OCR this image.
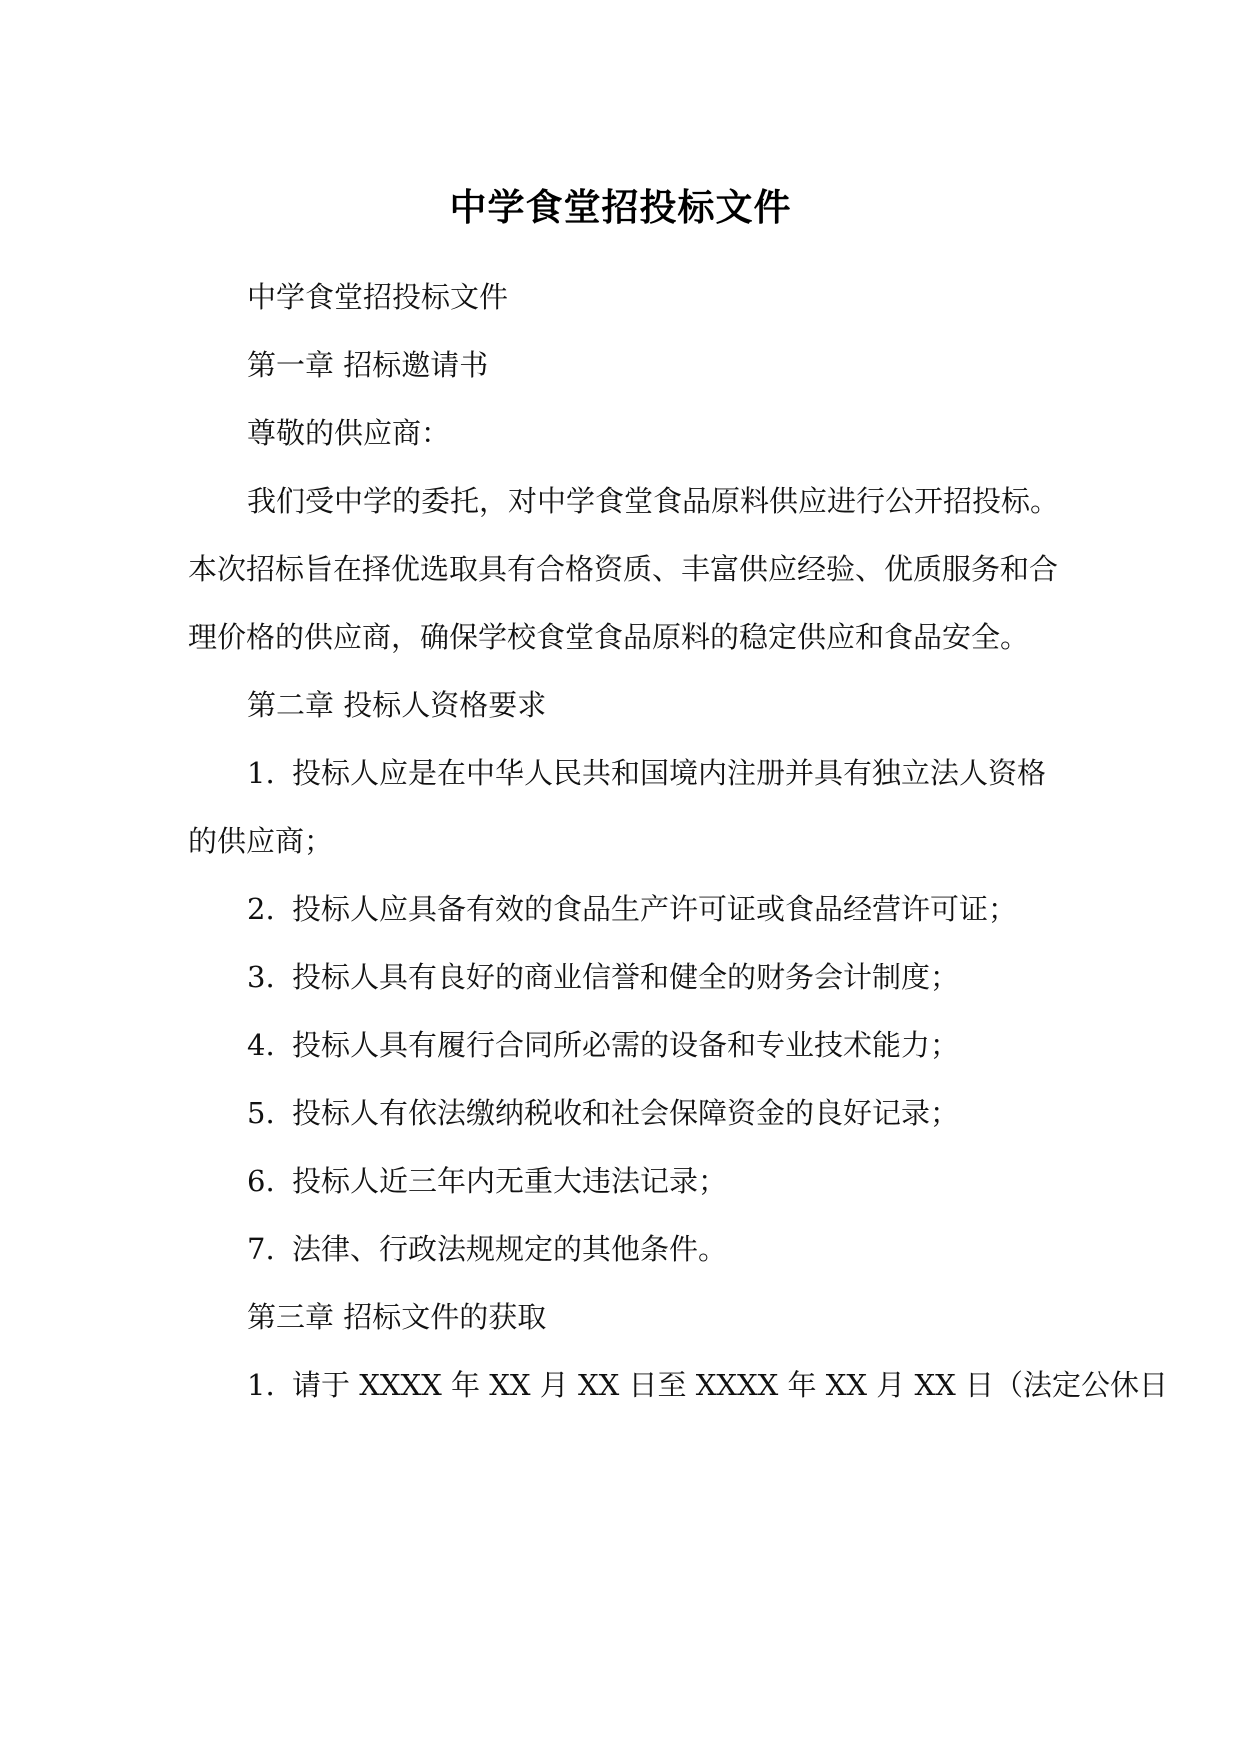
中学食堂招投标文件
中学食堂招投标文件
第一章 招标邀请书
尊敬的供应商：
我们受中学的委托，对中学食堂食品原料供应进行公开招投标。
本次招标旨在择优选取具有合格资质、丰富供应经验、优质服务和合
理价格的供应商，确保学校食堂食品原料的稳定供应和食品安全。
第二章 投标人资格要求
1. 投标人应是在中华人民共和国境内注册并具有独立法人资格
的供应商；
2. 投标人应具备有效的食品生产许可证或食品经营许可证；
3. 投标人具有良好的商业信誉和健全的财务会计制度；
4. 投标人具有履行合同所必需的设备和专业技术能力；
5. 投标人有依法缴纳税收和社会保障资金的良好记录；
6. 投标人近三年内无重大违法记录；
7. 法律、行政法规规定的其他条件。
第三章 招标文件的获取
1. 请于 XXXX 年 XX 月 XX 日至 XXXX 年 XX 月 XX 日（法定公休日
